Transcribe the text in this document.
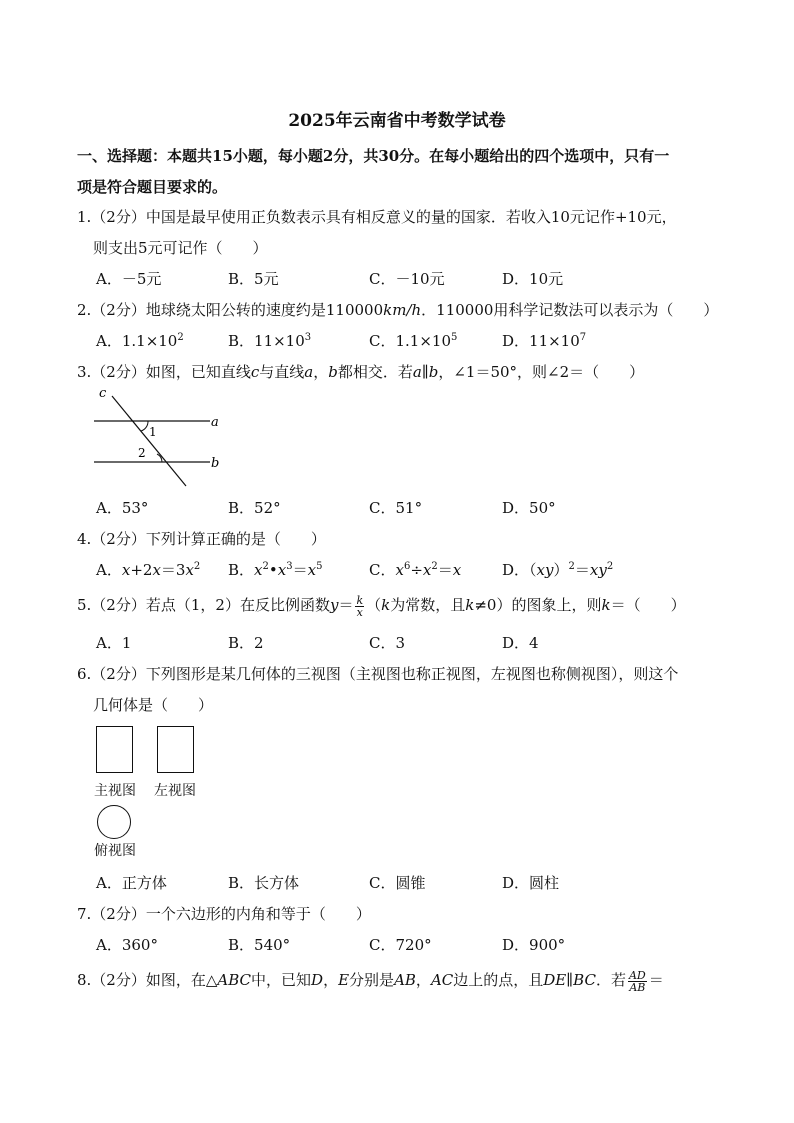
2025年云南省中考数学试卷
一、选择题：本题共15小题，每小题2分，共30分。在每小题给出的四个选项中，只有一
项是符合题目要求的。
1.（2分）中国是最早使用正负数表示具有相反意义的量的国家．若收入10元记作+10元，
则支出5元可记作（　　）
A．－5元	B．5元	C．－10元	D．10元
2.（2分）地球绕太阳公转的速度约是110000km/h．110000用科学记数法可以表示为（　　）
A．$1.1\times 10^2$	B．$11\times 10^3$	C．$1.1\times 10^5$	D．$11\times 10^7$
3.（2分）如图，已知直线c与直线a，b都相交．若a∥b，∠1＝50°，则∠2＝（　　）
c
a
b
1
2
A．53°	B．52°	C．51°	D．50°
4.（2分）下列计算正确的是（　　）
A．$x+2x=3x^2$ B．$x^2•x^3=x^5$	C．$x^6\div x^2=x$	D．$(xy)^2=xy^2$
5.（2分）若点（1，2）在反比例函数$y= \frac{k}{x} (k$为常数，且k≠0）的图象上，则k＝（　　）
A．1	B．2	C．3	D．4
6.（2分）下列图形是某几何体的三视图（主视图也称正视图，左视图也称侧视图），则这个
几何体是（　　）
主视图 左视图
俯视图
A．正方体	B．长方体	C．圆锥	D．圆柱
7.（2分）一个六边形的内角和等于（　　）
A．360°	B．540°	C．720°	D．900°
8.（2分）如图，在△ABC中，已知D，E分别是AB，AC边上的点，且DE∥BC．若 $\frac{AD}{AB}$ ＝
